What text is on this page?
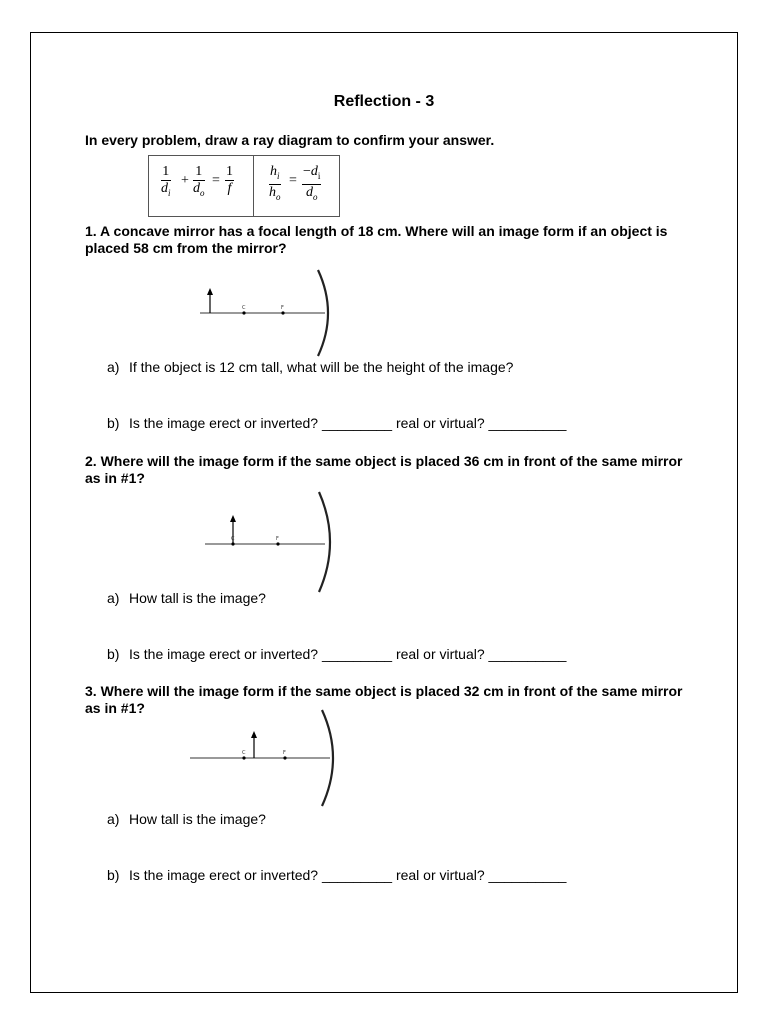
Reflection - 3
In every problem, draw a ray diagram to confirm your answer.
$\frac{1}{d_i} + \frac{1}{d_o} = \frac{1}{f}$	$\frac{h_i}{h_o} = \frac{-d_i}{d_o}$
1. A concave mirror has a focal length of 18 cm. Where will an image form if an object is placed 58 cm from the mirror?
C	F
a) If the object is 12 cm tall, what will be the height of the image?
b) Is the image erect or inverted? _________ real or virtual? __________
2. Where will the image form if the same object is placed 36 cm in front of the same mirror as in #1?
C	F
a) How tall is the image?
b) Is the image erect or inverted? _________ real or virtual? __________
3. Where will the image form if the same object is placed 32 cm in front of the same mirror as in #1?
C	F
a) How tall is the image?
b) Is the image erect or inverted? _________ real or virtual? __________
